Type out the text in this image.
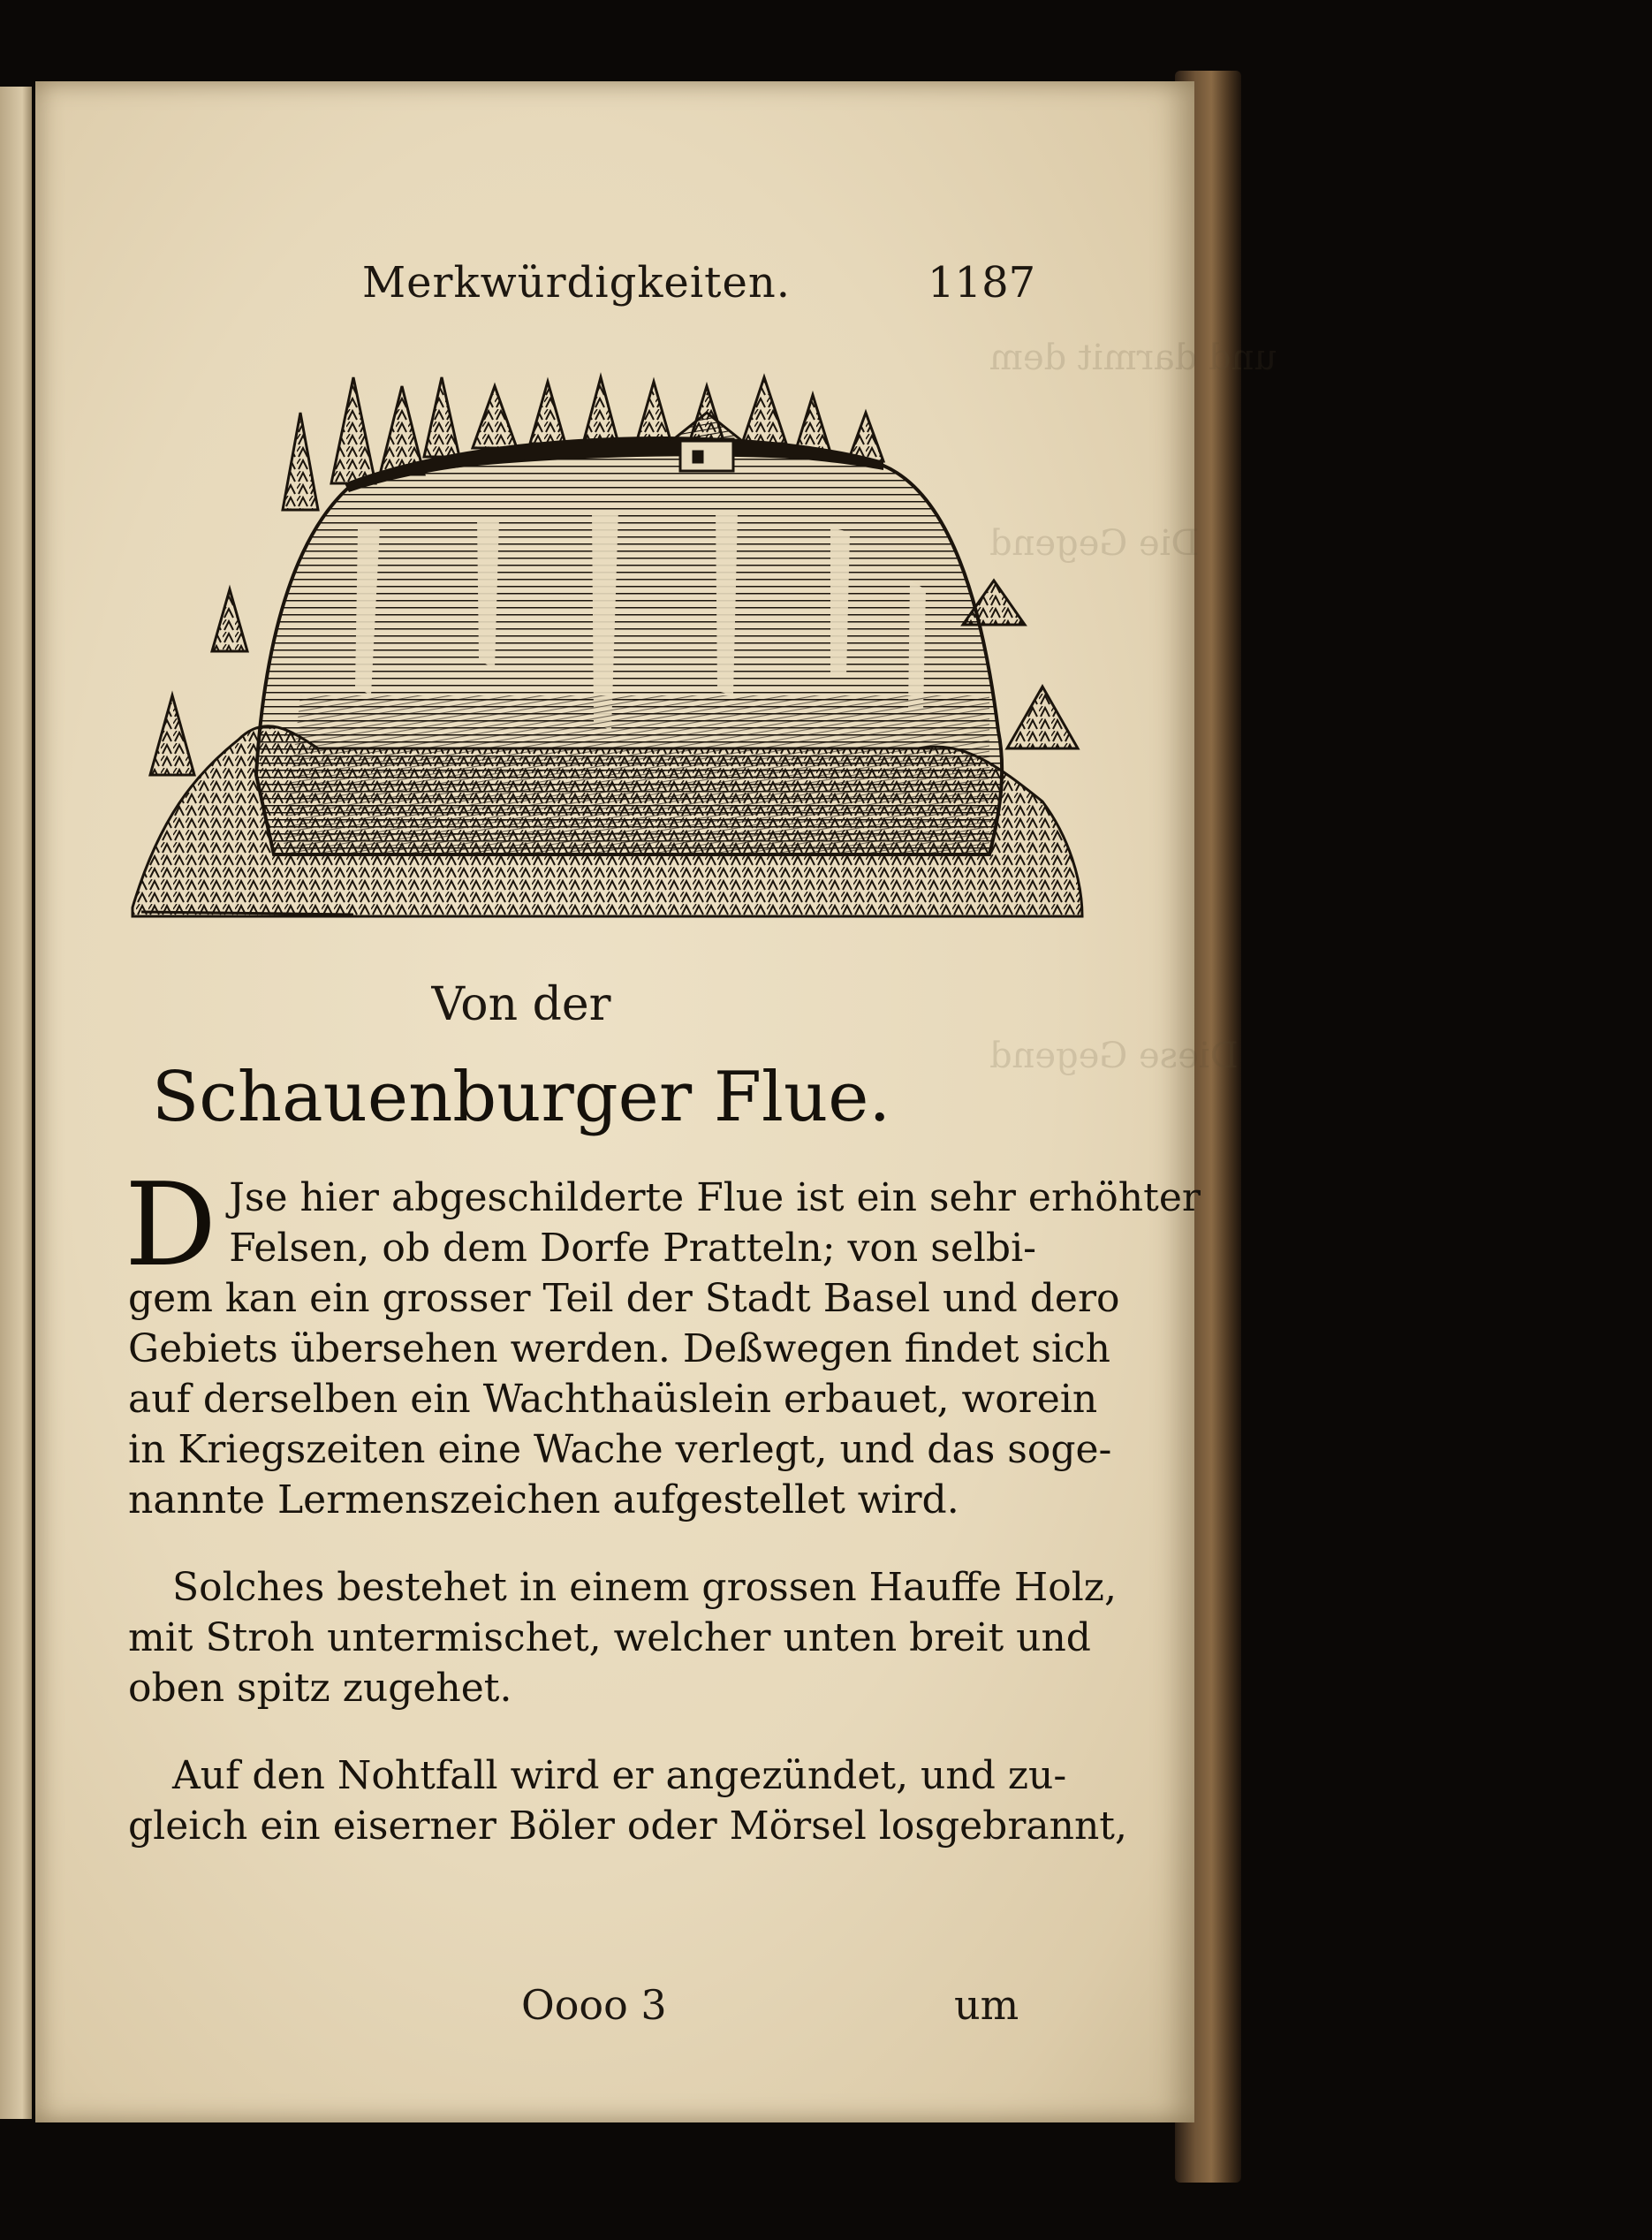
und darmit dem
Die Gegend
Diese Gegend
Merkwürdigkeiten.	1187
Von der
Schauenburger Flue.
D Jse hier abgeschilderte Flue ist ein sehr erhöhter
Felsen, ob dem Dorfe Pratteln; von selbi-
gem kan ein grosser Teil der Stadt Basel und dero
Gebiets übersehen werden. Deßwegen findet sich
auf derselben ein Wachthaüslein erbauet, worein
in Kriegszeiten eine Wache verlegt, und das soge-
nannte Lermenszeichen aufgestellet wird.
Solches bestehet in einem grossen Hauffe Holz,
mit Stroh untermischet, welcher unten breit und
oben spitz zugehet.
Auf den Nohtfall wird er angezündet, und zu-
gleich ein eiserner Böler oder Mörsel losgebrannt,
Oooo 3	um
